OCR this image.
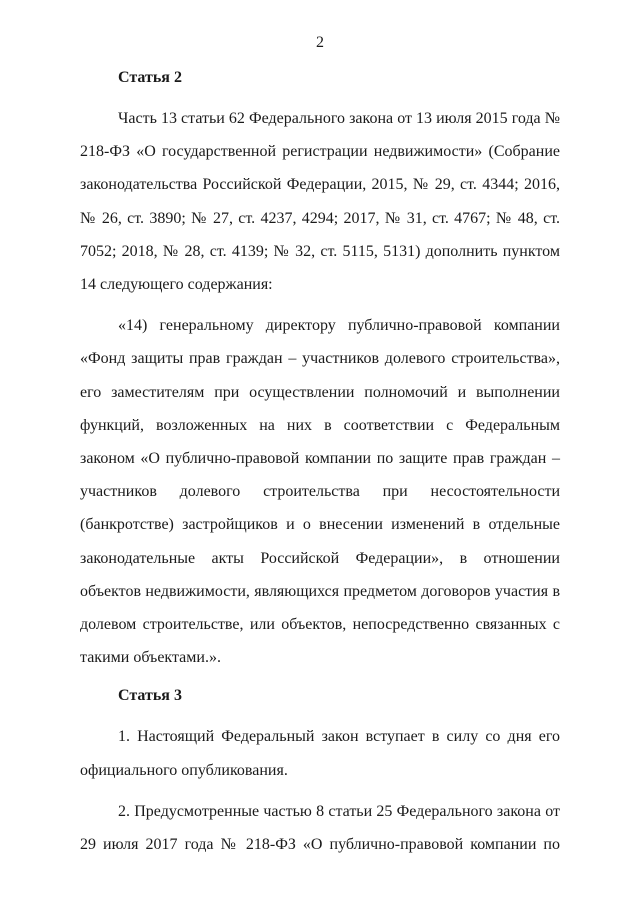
2
Статья 2

Часть 13 статьи 62 Федерального закона от 13 июля 2015 года № 218-ФЗ «О государственной регистрации недвижимости» (Собрание законодательства Российской Федерации, 2015, № 29, ст. 4344; 2016, № 26, ст. 3890; № 27, ст. 4237, 4294; 2017, № 31, ст. 4767; № 48, ст. 7052; 2018, № 28, ст. 4139; № 32, ст. 5115, 5131) дополнить пунктом 14 следующего содержания:

«14) генеральному директору публично-правовой компании «Фонд защиты прав граждан – участников долевого строительства», его заместителям при осуществлении полномочий и выполнении функций, возложенных на них в соответствии с Федеральным законом «О публично-правовой компании по защите прав граждан – участников долевого строительства при несостоятельности (банкротстве) застройщиков и о внесении изменений в отдельные законодательные акты Российской Федерации», в отношении объектов недвижимости, являющихся предметом договоров участия в долевом строительстве, или объектов, непосредственно связанных с такими объектами.».

Статья 3

1. Настоящий Федеральный закон вступает в силу со дня его официального опубликования.

2. Предусмотренные частью 8 статьи 25 Федерального закона от 29 июля 2017 года № 218-ФЗ «О публично-правовой компании по
